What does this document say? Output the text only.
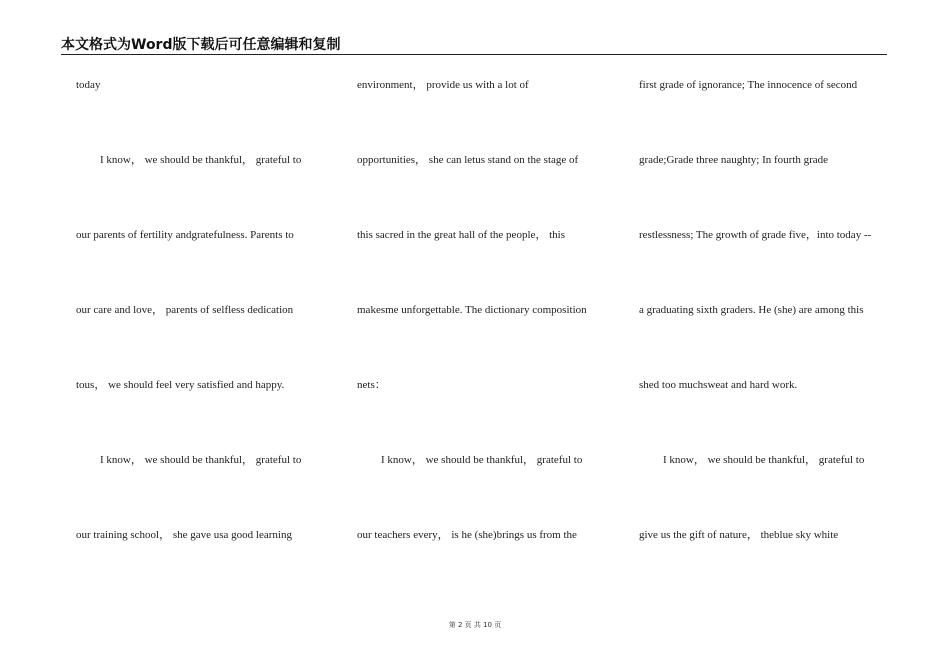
本文格式为Word版下载后可任意编辑和复制
today
I know， we should be thankful， grateful to
our parents of fertility andgratefulness. Parents to
our care and love， parents of selfless dedication
tous， we should feel very satisfied and happy.
I know， we should be thankful， grateful to
our training school， she gave usa good learning
environment， provide us with a lot of
opportunities， she can letus stand on the stage of
this sacred in the great hall of the people， this
makesme unforgettable. The dictionary composition
nets：
I know， we should be thankful， grateful to
our teachers every， is he (she)brings us from the
first grade of ignorance; The innocence of second
grade;Grade three naughty; In fourth grade
restlessness; The growth of grade five，into today --
a graduating sixth graders. He (she) are among this
shed too muchsweat and hard work.
I know， we should be thankful， grateful to
give us the gift of nature， theblue sky white
第 2 页 共 10 页
